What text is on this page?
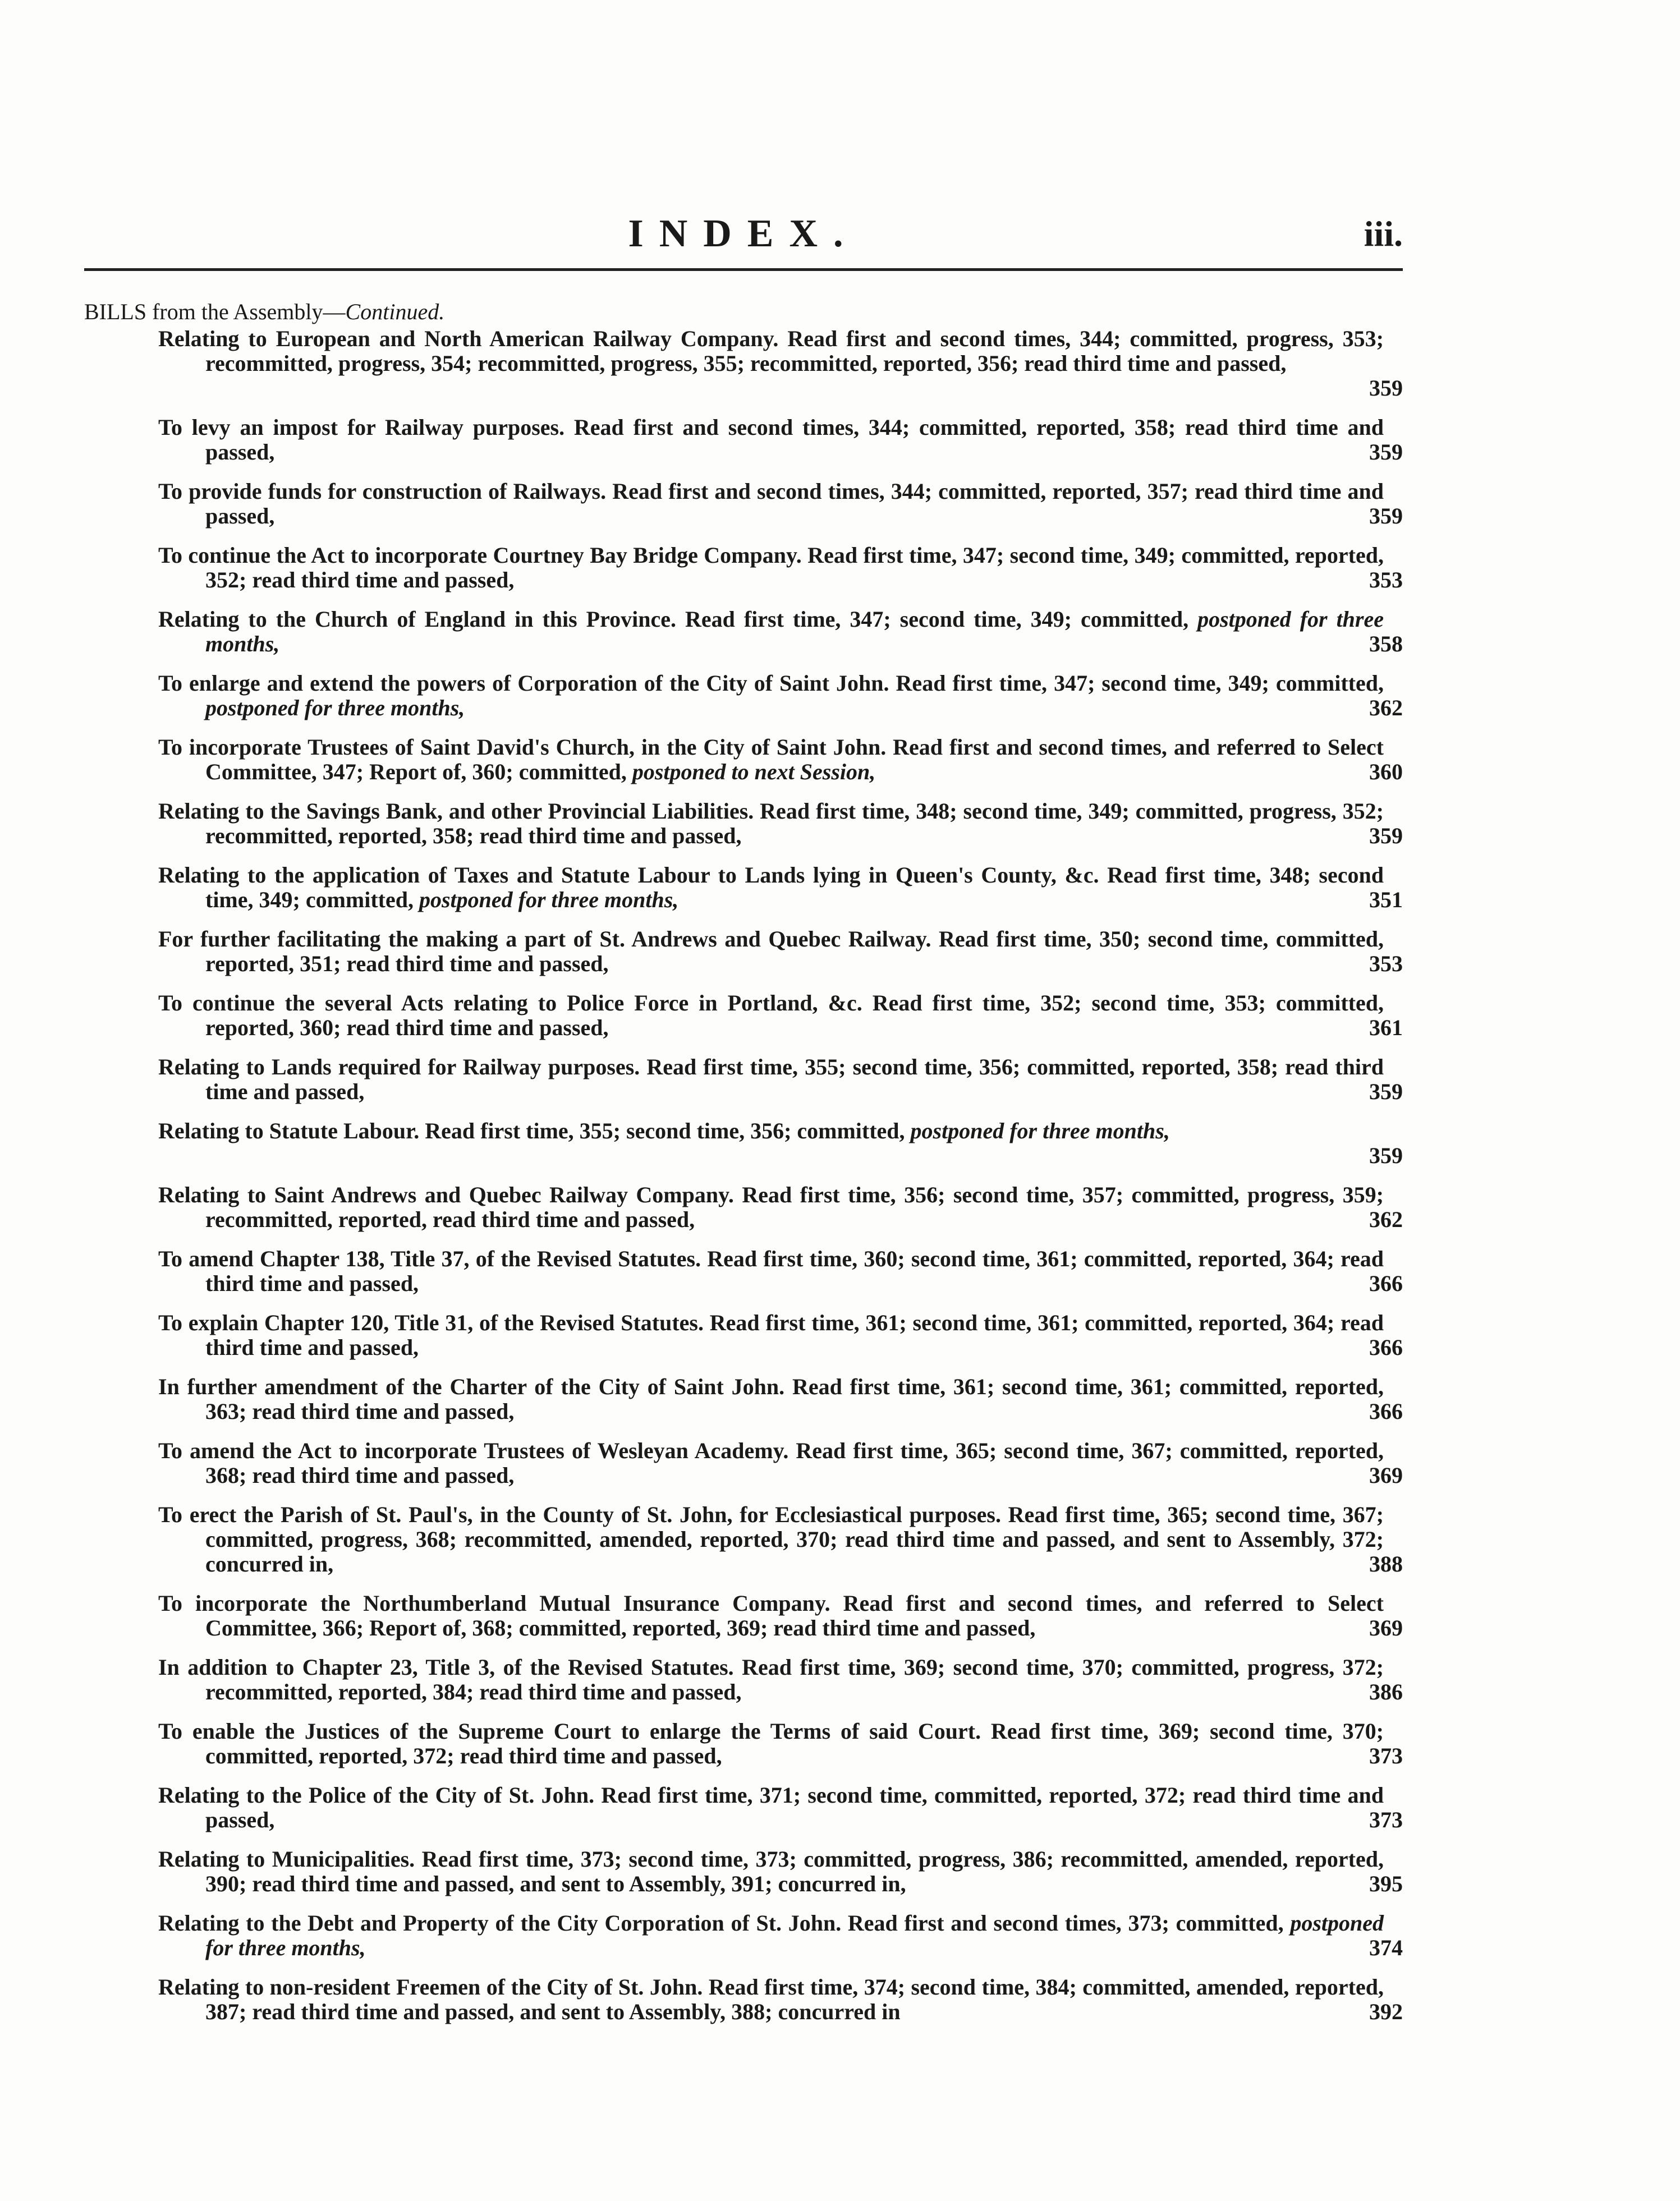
INDEX.	iii.
BILLS from the Assembly—Continued.
Relating to European and North American Railway Company. Read first and second times, 344; committed, progress, 353; recommitted, progress, 354; recommitted, progress, 355; recommitted, reported, 356; read third time and passed,
359
To levy an impost for Railway purposes. Read first and second times, 344; committed, reported, 358; read third time and passed,	359
To provide funds for construction of Railways. Read first and second times, 344; committed, reported, 357; read third time and passed,	359
To continue the Act to incorporate Courtney Bay Bridge Company. Read first time, 347; second time, 349; committed, reported, 352; read third time and passed,	353
Relating to the Church of England in this Province. Read first time, 347; second time, 349; committed, postponed for three months,	358
To enlarge and extend the powers of Corporation of the City of Saint John. Read first time, 347; second time, 349; committed, postponed for three months,	362
To incorporate Trustees of Saint David's Church, in the City of Saint John. Read first and second times, and referred to Select Committee, 347; Report of, 360; committed, postponed to next Session,	360
Relating to the Savings Bank, and other Provincial Liabilities. Read first time, 348; second time, 349; committed, progress, 352; recommitted, reported, 358; read third time and passed,	359
Relating to the application of Taxes and Statute Labour to Lands lying in Queen's County, &c. Read first time, 348; second time, 349; committed, postponed for three months,	351
For further facilitating the making a part of St. Andrews and Quebec Railway. Read first time, 350; second time, committed, reported, 351; read third time and passed,	353
To continue the several Acts relating to Police Force in Portland, &c. Read first time, 352; second time, 353; committed, reported, 360; read third time and passed,	361
Relating to Lands required for Railway purposes. Read first time, 355; second time, 356; committed, reported, 358; read third time and passed,	359
Relating to Statute Labour. Read first time, 355; second time, 356; committed, postponed for three months,
359
Relating to Saint Andrews and Quebec Railway Company. Read first time, 356; second time, 357; committed, progress, 359; recommitted, reported, read third time and passed,	362
To amend Chapter 138, Title 37, of the Revised Statutes. Read first time, 360; second time, 361; committed, reported, 364; read third time and passed,	366
To explain Chapter 120, Title 31, of the Revised Statutes. Read first time, 361; second time, 361; committed, reported, 364; read third time and passed,	366
In further amendment of the Charter of the City of Saint John. Read first time, 361; second time, 361; committed, reported, 363; read third time and passed,	366
To amend the Act to incorporate Trustees of Wesleyan Academy. Read first time, 365; second time, 367; committed, reported, 368; read third time and passed,	369
To erect the Parish of St. Paul's, in the County of St. John, for Ecclesiastical purposes. Read first time, 365; second time, 367; committed, progress, 368; recommitted, amended, reported, 370; read third time and passed, and sent to Assembly, 372; concurred in,	388
To incorporate the Northumberland Mutual Insurance Company. Read first and second times, and referred to Select Committee, 366; Report of, 368; committed, reported, 369; read third time and passed,	369
In addition to Chapter 23, Title 3, of the Revised Statutes. Read first time, 369; second time, 370; committed, progress, 372; recommitted, reported, 384; read third time and passed,	386
To enable the Justices of the Supreme Court to enlarge the Terms of said Court. Read first time, 369; second time, 370; committed, reported, 372; read third time and passed,	373
Relating to the Police of the City of St. John. Read first time, 371; second time, committed, reported, 372; read third time and passed,	373
Relating to Municipalities. Read first time, 373; second time, 373; committed, progress, 386; recommitted, amended, reported, 390; read third time and passed, and sent to Assembly, 391; concurred in,	395
Relating to the Debt and Property of the City Corporation of St. John. Read first and second times, 373; committed, postponed for three months,	374
Relating to non-resident Freemen of the City of St. John. Read first time, 374; second time, 384; committed, amended, reported, 387; read third time and passed, and sent to Assembly, 388; concurred in	392
